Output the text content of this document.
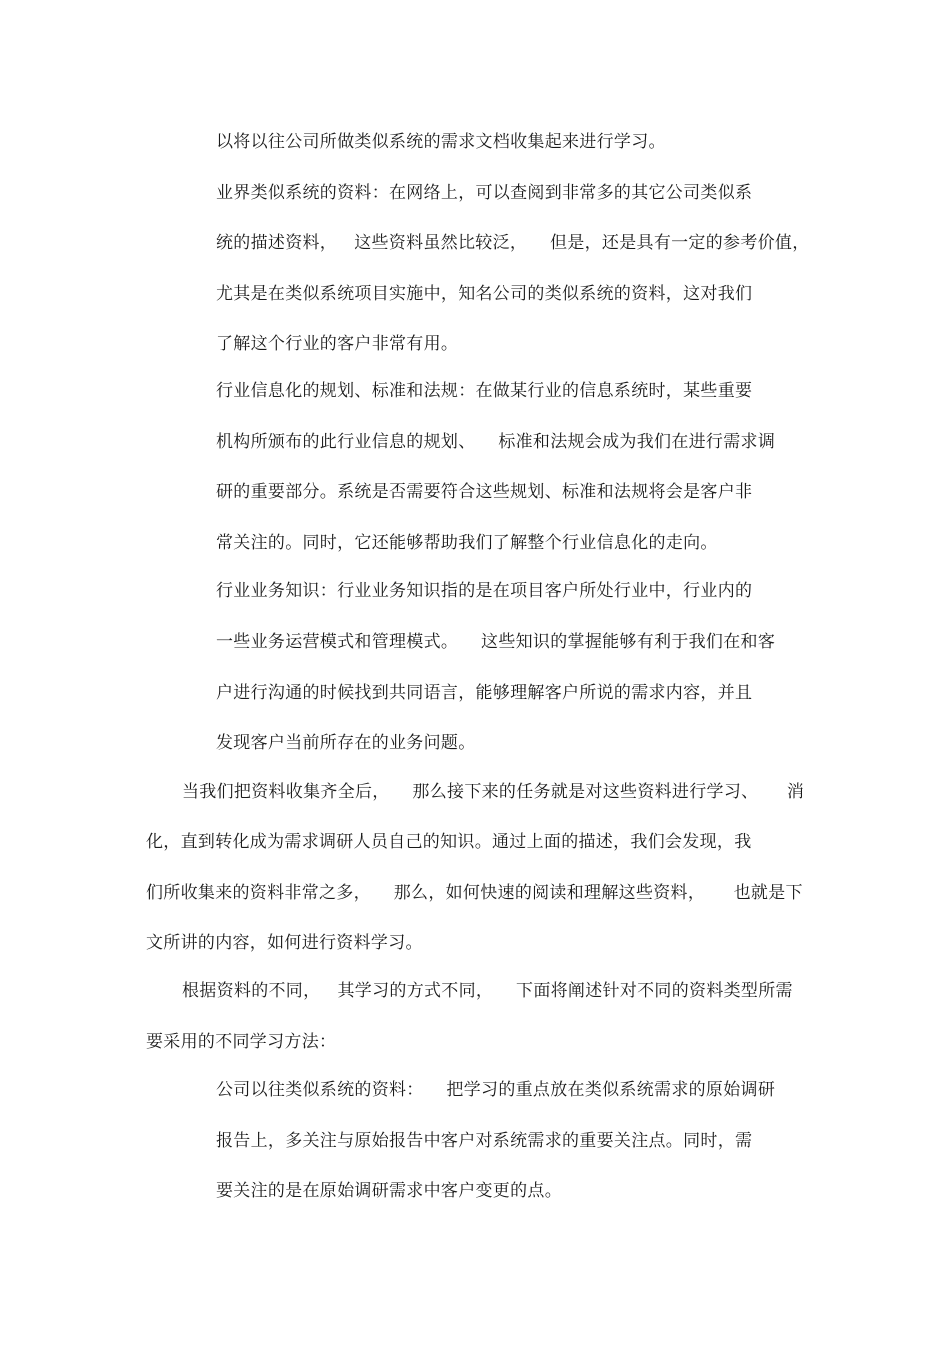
以将以往公司所做类似系统的需求文档收集起来进行学习。
业界类似系统的资料：在网络上，可以查阅到非常多的其它公司类似系
统的描述资料，   这些资料虽然比较泛，    但是，还是具有一定的参考价值，
尤其是在类似系统项目实施中，知名公司的类似系统的资料，这对我们
了解这个行业的客户非常有用。
行业信息化的规划、标准和法规：在做某行业的信息系统时，某些重要
机构所颁布的此行业信息的规划、    标准和法规会成为我们在进行需求调
研的重要部分。系统是否需要符合这些规划、标准和法规将会是客户非
常关注的。同时，它还能够帮助我们了解整个行业信息化的走向。
行业业务知识：行业业务知识指的是在项目客户所处行业中，行业内的
一些业务运营模式和管理模式。    这些知识的掌握能够有利于我们在和客
户进行沟通的时候找到共同语言，能够理解客户所说的需求内容，并且
发现客户当前所存在的业务问题。
当我们把资料收集齐全后，    那么接下来的任务就是对这些资料进行学习、     消
化，直到转化成为需求调研人员自己的知识。通过上面的描述，我们会发现，我
们所收集来的资料非常之多，    那么，如何快速的阅读和理解这些资料，     也就是下
文所讲的内容，如何进行资料学习。
根据资料的不同，   其学习的方式不同，    下面将阐述针对不同的资料类型所需
要采用的不同学习方法：
公司以往类似系统的资料：    把学习的重点放在类似系统需求的原始调研
报告上，多关注与原始报告中客户对系统需求的重要关注点。同时，需
要关注的是在原始调研需求中客户变更的点。
